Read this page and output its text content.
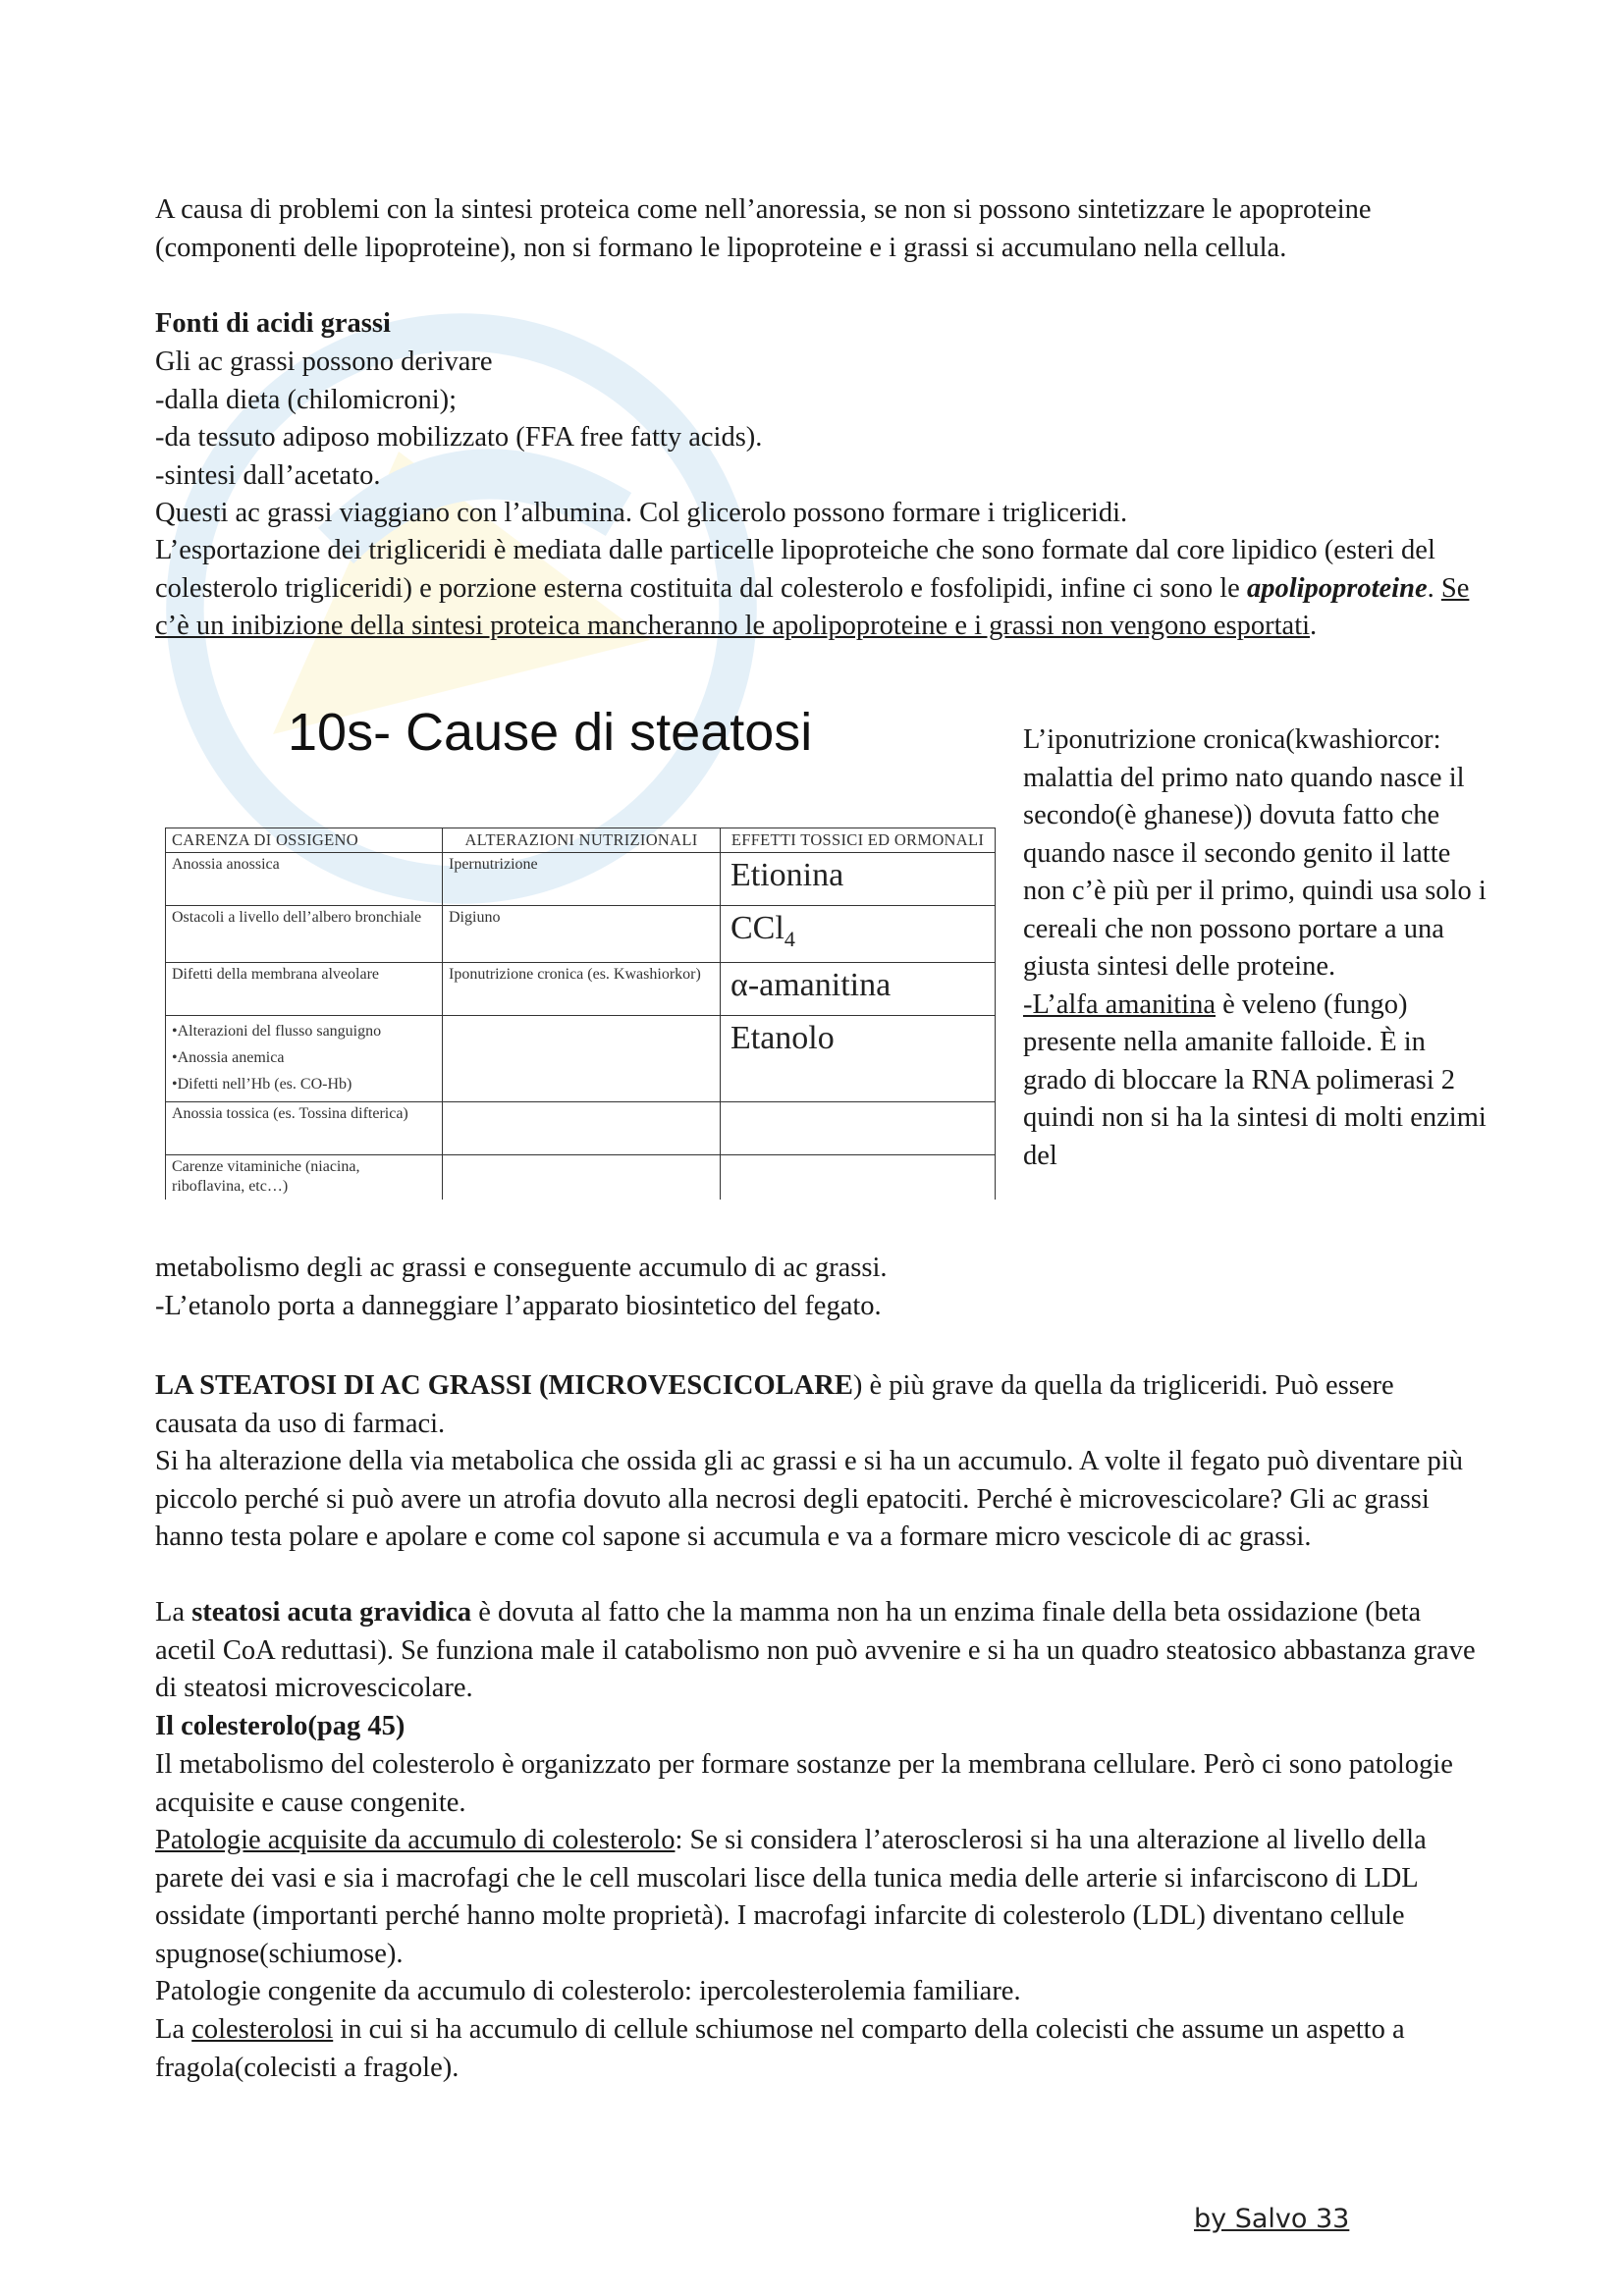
A causa di problemi con la sintesi proteica come nell’anoressia, se non si possono sintetizzare le apoproteine (componenti delle lipoproteine), non si formano le lipoproteine e i grassi si accumulano nella cellula.

Fonti di acidi grassi

Gli ac grassi possono derivare
-dalla dieta (chilomicroni);
-da tessuto adiposo mobilizzato (FFA free fatty acids).
-sintesi dall’acetato.
Questi ac grassi viaggiano con l’albumina. Col glicerolo possono formare i trigliceridi.

L’esportazione dei trigliceridi è mediata dalle particelle lipoproteiche che sono formate dal core lipidico (esteri del colesterolo trigliceridi) e porzione esterna costituita dal colesterolo e fosfolipidi, infine ci sono le apolipoproteine. Se c’è un inibizione della sintesi proteica mancheranno le apolipoproteine e i grassi non vengono esportati.

10s- Cause di steatosi
CARENZA DI OSSIGENO	ALTERAZIONI NUTRIZIONALI	EFFETTI TOSSICI ED ORMONALI
Anossia anossica	Ipernutrizione	Etionina
Ostacoli a livello dell’albero bronchiale	Digiuno	CCl$_4$
Difetti della membrana alveolare	Iponutrizione cronica (es. Kwashiorkor)	α-amanitina
•Alterazioni del flusso sanguigno
•Anossia anemica
•Difetti nell’Hb (es. CO-Hb)		Etanolo
Anossia tossica (es. Tossina difterica)		
Carenze vitaminiche (niacina, riboflavina, etc…)		

L’iponutrizione cronica(kwashiorcor: malattia del primo nato quando nasce il secondo(è ghanese)) dovuta fatto che quando nasce il secondo genito il latte non c’è più per il primo, quindi usa solo i cereali che non possono portare a una giusta sintesi delle proteine.
-L’alfa amanitina è veleno (fungo) presente nella amanite falloide. È in grado di bloccare la RNA polimerasi 2 quindi non si ha la sintesi di molti enzimi del

metabolismo degli ac grassi e conseguente accumulo di ac grassi.
-L’etanolo porta a danneggiare l’apparato biosintetico del fegato.

LA STEATOSI DI AC GRASSI (MICROVESCICOLARE) è più grave da quella da trigliceridi. Può essere causata da uso di farmaci.

Si ha alterazione della via metabolica che ossida gli ac grassi e si ha un accumulo. A volte il fegato può diventare più piccolo perché si può avere un atrofia dovuto alla necrosi degli epatociti. Perché è microvescicolare? Gli ac grassi hanno testa polare e apolare e come col sapone si accumula e va a formare micro vescicole di ac grassi.

La steatosi acuta gravidica è dovuta al fatto che la mamma non ha un enzima finale della beta ossidazione (beta acetil CoA reduttasi). Se funziona male il catabolismo non può avvenire e si ha un quadro steatosico abbastanza grave di steatosi microvescicolare.

Il colesterolo(pag 45)

Il metabolismo del colesterolo è organizzato per formare sostanze per la membrana cellulare. Però ci sono patologie acquisite e cause congenite.

Patologie acquisite da accumulo di colesterolo: Se si considera l’aterosclerosi si ha una alterazione al livello della parete dei vasi e sia i macrofagi che le cell muscolari lisce della tunica media delle arterie si infarciscono di LDL ossidate (importanti perché hanno molte proprietà). I macrofagi infarcite di colesterolo (LDL) diventano cellule spugnose(schiumose).

Patologie congenite da accumulo di colesterolo: ipercolesterolemia familiare.

La colesterolosi in cui si ha accumulo di cellule schiumose nel comparto della colecisti che assume un aspetto a fragola(colecisti a fragole).

by Salvo 33
